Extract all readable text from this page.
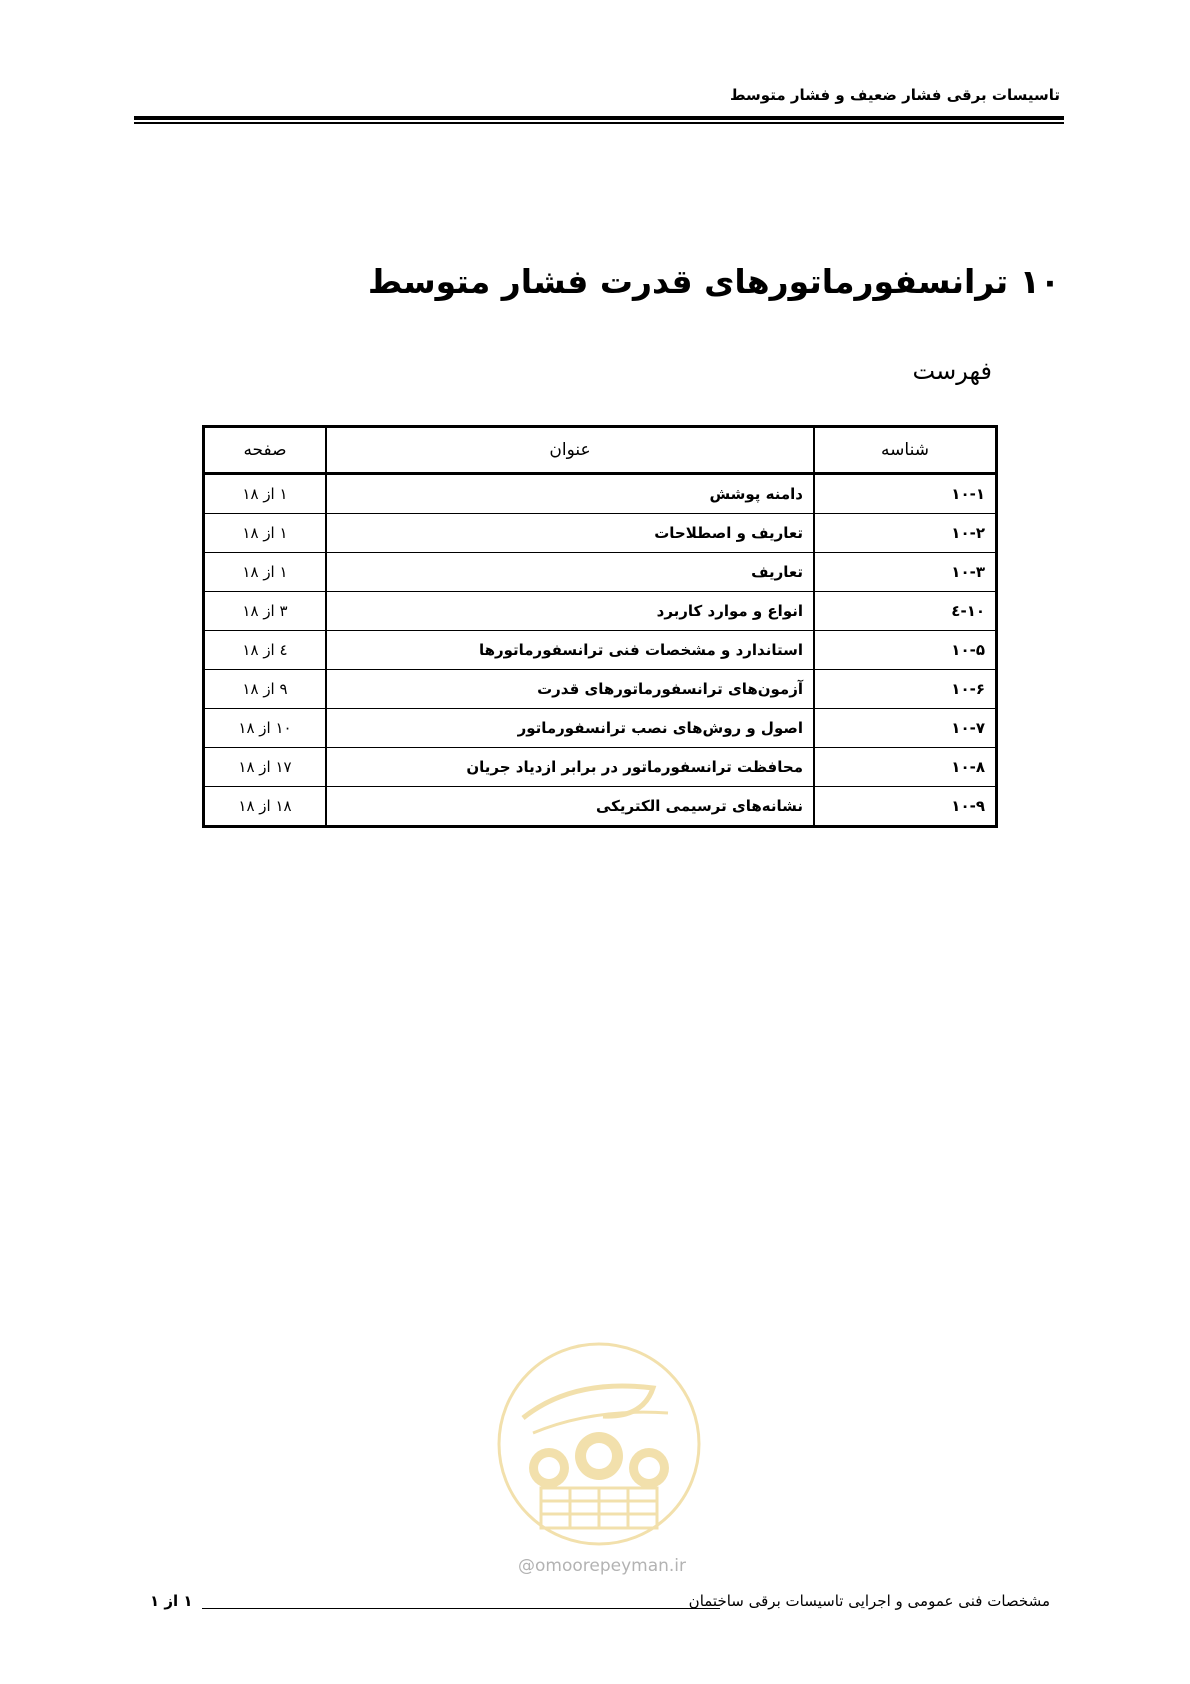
تاسیسات برقی فشار ضعیف و فشار متوسط
۱۰ ترانسفورماتورهای قدرت فشار متوسط
فهرست
شناسه	عنوان	صفحه
۱۰-۱	دامنه پوشش	۱ از ۱۸
۱۰-۲	تعاریف و اصطلاحات	۱ از ۱۸
۱۰-۳	تعاریف	۱ از ۱۸
۱۰-٤	انواع و موارد کاربرد	۳ از ۱۸
۱۰-۵	استاندارد و مشخصات فنی ترانسفورماتورها	٤ از ۱۸
۱۰-۶	آزمون‌های ترانسفورماتورهای قدرت	۹ از ۱۸
۱۰-۷	اصول و روش‌های نصب ترانسفورماتور	۱۰ از ۱۸
۱۰-۸	محافظت ترانسفورماتور در برابر ازدیاد جریان	۱۷ از ۱۸
۱۰-۹	نشانه‌های ترسیمی الکتریکی	۱۸ از ۱۸
@omoorepeyman.ir
مشخصات فنی عمومی و اجرایی تاسیسات برقی ساختمان
۱ از ۱
